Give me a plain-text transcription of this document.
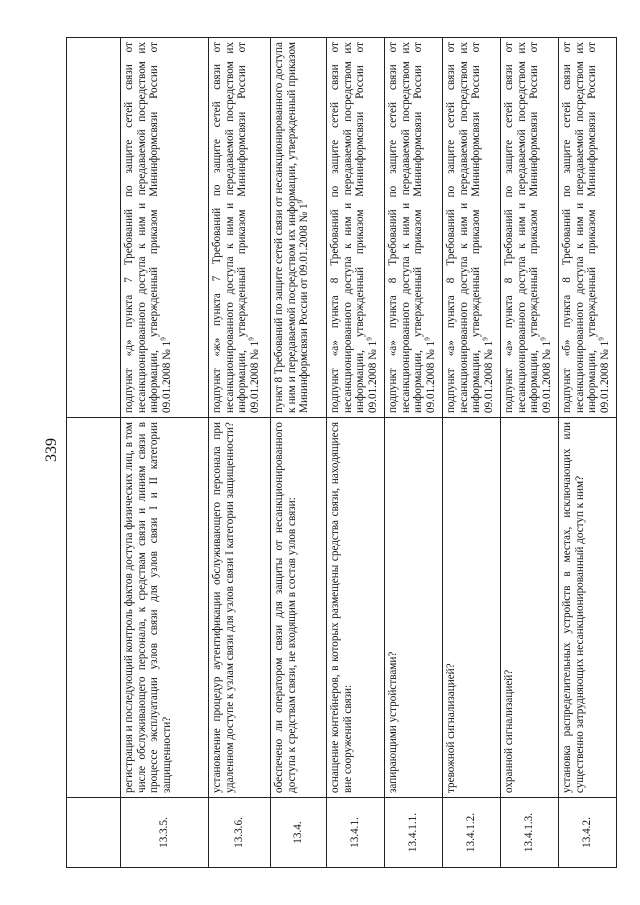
339

13.3.5.	регистрация и последующий контроль фактов доступа физических лиц, в том числе обслуживающего персонала, к средствам связи и линиям связи в процессе эксплуатации узлов связи для узлов связи I и II категории защищенности?	подпункт «д» пункта 7 Требований по защите сетей связи от несанкционированного доступа к ним и передаваемой посредством их информации, утвержденный приказом Мининформсвязи России от 09.01.2008 № $1^9$
13.3.6.	установление процедур аутентификации обслуживающего персонала при удаленном доступе к узлам связи для узлов связи I категории защищенности?	подпункт «ж» пункта 7 Требований по защите сетей связи от несанкционированного доступа к ним и передаваемой посредством их информации, утвержденный приказом Мининформсвязи России от 09.01.2008 № $1^9$
13.4.	обеспечено ли оператором связи для защиты от несанкционированного доступа к средствам связи, не входящим в состав узлов связи:	пункт 8 Требований по защите сетей связи от несанкционированного доступа к ним и передаваемой посредством их информации, утвержденный приказом Мининформсвязи России от 09.01.2008 № $1^9$
13.4.1.	оснащение контейнеров, в которых размещены средства связи, находящиеся вне сооружений связи:	подпункт «а» пункта 8 Требований по защите сетей связи от несанкционированного доступа к ним и передаваемой посредством их информации, утвержденный приказом Мининформсвязи России от 09.01.2008 № $1^9$
13.4.1.1.	запирающими устройствами?	подпункт «а» пункта 8 Требований по защите сетей связи от несанкционированного доступа к ним и передаваемой посредством их информации, утвержденный приказом Мининформсвязи России от 09.01.2008 № $1^9$
13.4.1.2.	тревожной сигнализацией?	подпункт «а» пункта 8 Требований по защите сетей связи от несанкционированного доступа к ним и передаваемой посредством их информации, утвержденный приказом Мининформсвязи России от 09.01.2008 № $1^9$
13.4.1.3.	охранной сигнализацией?	подпункт «а» пункта 8 Требований по защите сетей связи от несанкционированного доступа к ним и передаваемой посредством их информации, утвержденный приказом Мининформсвязи России от 09.01.2008 № $1^9$
13.4.2.	установка распределительных устройств в местах, исключающих или существенно затрудняющих несанкционированный доступ к ним?	подпункт «б» пункта 8 Требований по защите сетей связи от несанкционированного доступа к ним и передаваемой посредством их информации, утвержденный приказом Мининформсвязи России от 09.01.2008 № $1^9$
